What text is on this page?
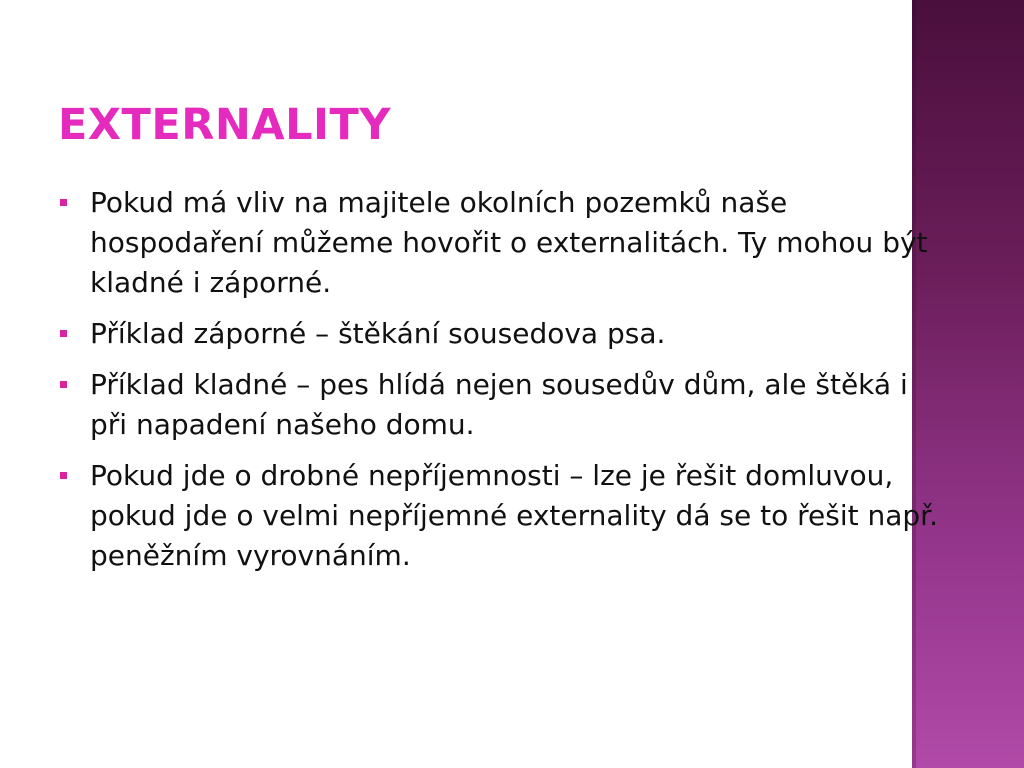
EXTERNALITY
Pokud má vliv na majitele okolních pozemků naše hospodaření můžeme hovořit o externalitách. Ty mohou být kladné i záporné.
Příklad záporné – štěkání sousedova psa.
Příklad kladné – pes hlídá nejen sousedův dům, ale štěká i při napadení našeho domu.
Pokud jde o drobné nepříjemnosti – lze je řešit domluvou, pokud jde o velmi nepříjemné externality dá se to řešit např. peněžním vyrovnáním.
